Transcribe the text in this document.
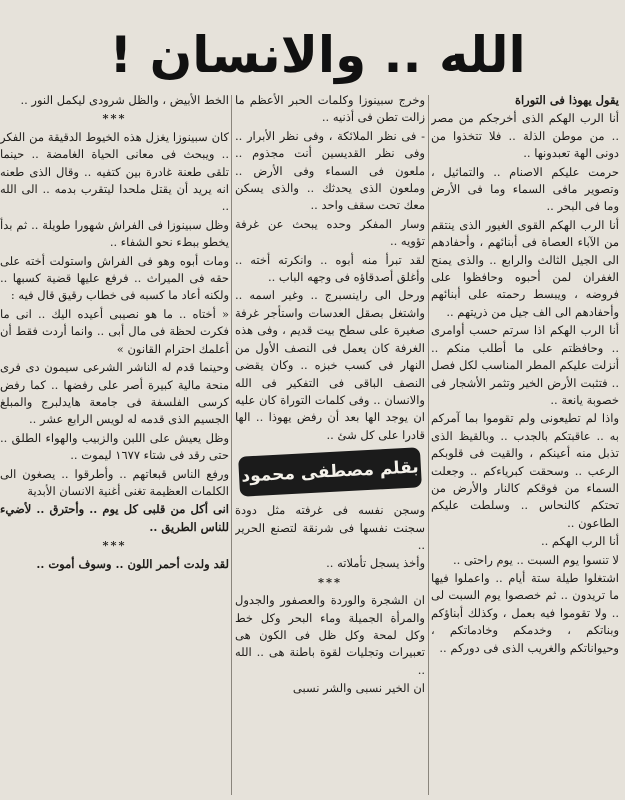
الله .. والانسان !

يقول يهوذا فى التوراة

أنا الرب الهكم الذى أخرجكم من مصر .. من موطن الذلة .. فلا تتخذوا من دونى الهة تعبدونها ..

حرمت عليكم الاصنام .. والتماثيل ، وتصوير مافى السماء وما فى الأرض وما فى البحر ..

أنا الرب الهكم القوى الغيور الذى ينتقم من الآباء العصاة فى أبنائهم ، وأحفادهم الى الجيل الثالث والرابع .. والذى يمنح الغفران لمن أحبوه وحافظوا على فروضه ، ويبسط رحمته على أبنائهم وأحفادهم الى الف جيل من ذريتهم ..

أنا الرب الهكم اذا سرتم حسب أوامرى .. وحافظتم على ما أطلب منكم .. أنزلت عليكم المطر المناسب لكل فصل .. فتثبت الأرض الخير وتثمر الأشجار فى خصوبة يانعة ..

واذا لم تطيعونى ولم تقوموا بما آمركم به .. عاقبتكم بالجدب .. وبالقيظ الذى تذبل منه أعينكم ، والقيت فى قلوبكم الرعب .. وسحقت كبرياءكم .. وجعلت السماء من فوقكم كالنار والأرض من تحتكم كالنحاس .. وسلطت عليكم الطاعون ..

أنا الرب الهكم ..

لا تنسوا يوم السبت .. يوم راحتى ..

اشتغلوا طيلة ستة أيام .. واعملوا فيها ما تريدون .. ثم خصصوا يوم السبت لى .. ولا تقوموا فيه بعمل ، وكذلك أبناؤكم وبناتكم ، وخدمكم وخادماتكم ، وحيواناتكم والغريب الذى فى دوركم ..

وخرج سبينوزا وكلمات الحبر الأعظم ما زالت تطن فى أذنيه ..

- فى نظر الملائكة ، وفى نظر الأبرار .. وفى نظر القديسين أنت مجذوم .. ملعون فى السماء وفى الأرض .. وملعون الذى يحدثك .. والذى يسكن معك تحت سقف واحد ..

وسار المفكر وحده يبحث عن غرفة تؤويه ..

لقد تبرأ منه أبوه .. وانكرته أخته .. وأغلق أصدقاؤه فى وجهه الباب ..

ورحل الى راينسبرج .. وغير اسمه .. واشتغل بصقل العدسات واستأجر غرفة صغيرة على سطح بيت قديم ، وفى هذه الغرفة كان يعمل فى النصف الأول من النهار فى كسب خبزه .. وكان يقضى النصف الباقى فى التفكير فى الله والانسان .. وفى كلمات التوراة كان عليه ان يوجد الها بعد أن رفض يهوذا .. الها قادرا على كل شئ ..

بقلم مصطفى محمود

وسجن نفسه فى غرفته مثل دودة سجنت نفسها فى شرنقة لتصنع الحرير ..

وأخذ يسجل تأملاته ..

***

ان الشجرة والوردة والعصفور والجدول والمرأة الجميلة وماء البحر وكل خط وكل لمحة وكل ظل فى الكون هى تعبيرات وتجليات لقوة باطنة هى .. الله ..

ان الخير نسبى والشر نسبى

الخط الأبيض ، والظل شرودى ليكمل النور ..

***

كان سبينوزا يغزل هذه الخيوط الدقيقة من الفكر .. ويبحث فى معانى الحياة الغامضة .. حينما تلقى طعنة غادرة بين كتفيه .. وقال الذى طعنه انه يريد أن يقتل ملحدا ليتقرب بدمه .. الى الله ..

وظل سبينوزا فى الفراش شهورا طويلة .. ثم بدأ يخطو ببطء نحو الشفاء ..

ومات أبوه وهو فى الفراش واستولت أخته على حقه فى الميراث .. فرفع عليها قضية كسبها .. ولكنه أعاد ما كسبه فى خطاب رقيق قال فيه :

« أختاه .. ما هو نصيبى أعيده اليك .. انى ما فكرت لحظة فى مال أبى .. وانما أردت فقط أن أعلمك احترام القانون »

وحينما قدم له الناشر الشرعى سيمون دى فرى منحة مالية كبيرة أصر على رفضها .. كما رفض كرسى الفلسفة فى جامعة هايدلبرج والمبلغ الجسيم الذى قدمه له لويس الرابع عشر ..

وظل يعيش على اللبن والزبيب والهواء الطلق .. حتى رقد فى شتاء ١٦٧٧ ليموت ..

ورفع الناس قبعاتهم .. وأطرقوا .. يصغون الى الكلمات العظيمة تغنى أغنية الانسان الأبدية

انى أكل من قلبى كل يوم .. وأحترق .. لأضيء للناس الطريق ..

***

لقد ولدت أحمر اللون .. وسوف أموت ..
